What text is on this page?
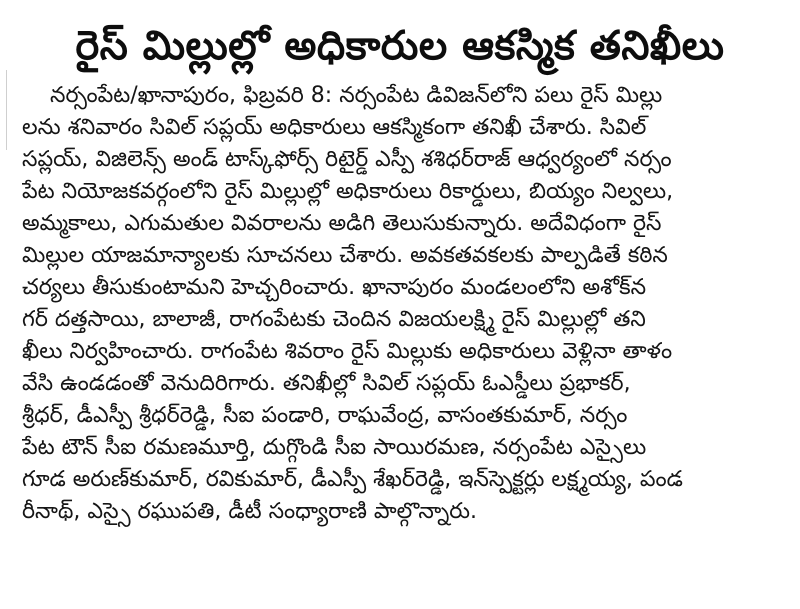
రైస్ మిల్లుల్లో అధికారుల ఆకస్మిక తనిఖీలు
నర్సంపేట/ఖానాపురం, ఫిబ్రవరి 8: నర్సంపేట డివిజన్‌లోని పలు రైస్ మిల్లు
లను శనివారం సివిల్ సప్లయ్ అధికారులు ఆకస్మికంగా తనిఖీ చేశారు. సివిల్
సప్లయ్, విజిలెన్స్ అండ్ టాస్క్‌ఫోర్స్ రిటైర్డ్ ఎస్పీ శశిధర్‌రాజ్ ఆధ్వర్యంలో నర్సం
పేట నియోజకవర్గంలోని రైస్ మిల్లుల్లో అధికారులు రికార్డులు, బియ్యం నిల్వలు,
అమ్మకాలు, ఎగుమతుల వివరాలను అడిగి తెలుసుకున్నారు. అదేవిధంగా రైస్
మిల్లుల యాజమాన్యాలకు సూచనలు చేశారు. అవకతవకలకు పాల్పడితే కఠిన
చర్యలు తీసుకుంటామని హెచ్చరించారు. ఖానాపురం మండలంలోని అశోక్‌న
గర్ దత్తసాయి, బాలాజీ, రాగంపేటకు చెందిన విజయలక్ష్మి రైస్ మిల్లుల్లో తని
ఖీలు నిర్వహించారు. రాగంపేట శివరాం రైస్ మిల్లుకు అధికారులు వెళ్లినా తాళం
వేసి ఉండడంతో వెనుదిరిగారు. తనిఖీల్లో సివిల్ సప్లయ్ ఓఎస్డీలు ప్రభాకర్,
శ్రీధర్, డీఎస్పీ శ్రీధర్‌రెడ్డి, సీఐ పండారి, రాఘవేంద్ర, వాసంతకుమార్, నర్సం
పేట టౌన్ సీఐ రమణమూర్తి, దుగ్గొండి సీఐ సాయిరమణ, నర్సంపేట ఎస్సైలు
గూడ అరుణ్‌కుమార్, రవికుమార్, డీఎస్పీ శేఖర్‌రెడ్డి, ఇన్‌స్పెక్టర్లు లక్ష్మయ్య, పండ
రీనాథ్, ఎస్సై రఘుపతి, డీటీ సంధ్యారాణి పాల్గొన్నారు.
